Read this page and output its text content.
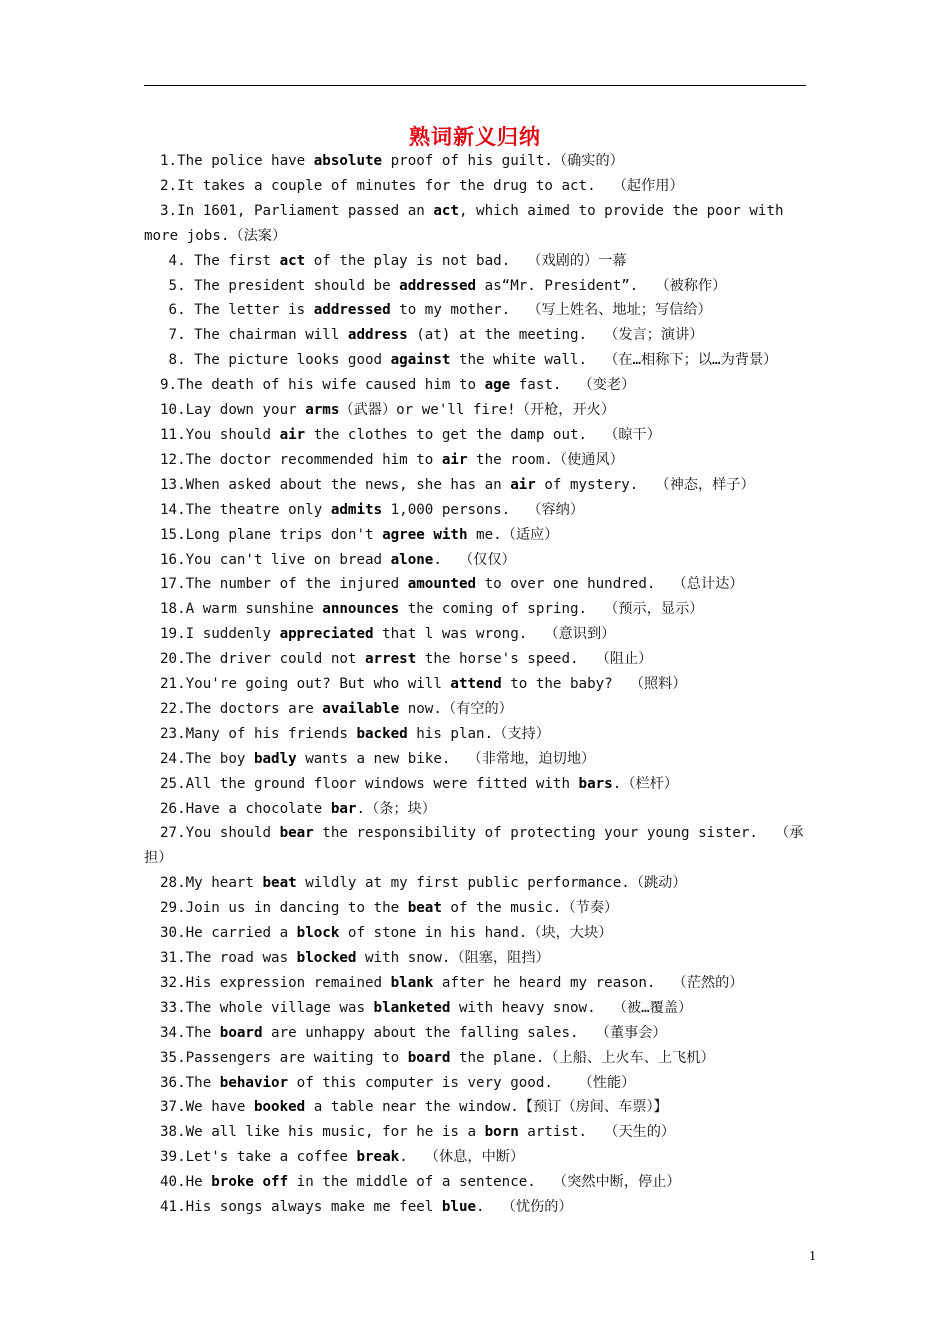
熟词新义归纳
1.The police have absolute proof of his guilt.（确实的）
2.It takes a couple of minutes for the drug to act.  （起作用）
3.In 1601, Parliament passed an act, which aimed to provide the poor with more jobs.（法案）
4. The first act of the play is not bad.  （戏剧的）一幕
5. The president should be addressed as“Mr. President”.  （被称作）
6. The letter is addressed to my mother.  （写上姓名、地址；写信给）
7. The chairman will address (at) at the meeting.  （发言；演讲）
8. The picture looks good against the white wall.  （在…相称下；以…为背景）
9.The death of his wife caused him to age fast.  （变老）
10.Lay down your arms（武器）or we'll fire!（开枪，开火）
11.You should air the clothes to get the damp out.  （晾干）
12.The doctor recommended him to air the room.（使通风）
13.When asked about the news, she has an air of mystery.  （神态，样子）
14.The theatre only admits 1,000 persons.  （容纳）
15.Long plane trips don't agree with me.（适应）
16.You can't live on bread alone.  （仅仅）
17.The number of the injured amounted to over one hundred.  （总计达）
18.A warm sunshine announces the coming of spring.  （预示，显示）
19.I suddenly appreciated that l was wrong.  （意识到）
20.The driver could not arrest the horse's speed.  （阻止）
21.You're going out? But who will attend to the baby?  （照料）
22.The doctors are available now.（有空的）
23.Many of his friends backed his plan.（支持）
24.The boy badly wants a new bike.  （非常地，迫切地）
25.All the ground floor windows were fitted with bars.（栏杆）
26.Have a chocolate bar.（条；块）
27.You should bear the responsibility of protecting your young sister.  （承担）
28.My heart beat wildly at my first public performance.（跳动）
29.Join us in dancing to the beat of the music.（节奏）
30.He carried a block of stone in his hand.（块，大块）
31.The road was blocked with snow.（阻塞，阻挡）
32.His expression remained blank after he heard my reason.  （茫然的）
33.The whole village was blanketed with heavy snow.  （被…覆盖）
34.The board are unhappy about the falling sales.  （董事会）
35.Passengers are waiting to board the plane.（上船、上火车、上飞机）
36.The behavior of this computer is very good.   （性能）
37.We have booked a table near the window.【预订（房间、车票）】
38.We all like his music, for he is a born artist.  （天生的）
39.Let's take a coffee break.  （休息，中断）
40.He broke off in the middle of a sentence.  （突然中断，停止）
41.His songs always make me feel blue.  （忧伤的）
1
